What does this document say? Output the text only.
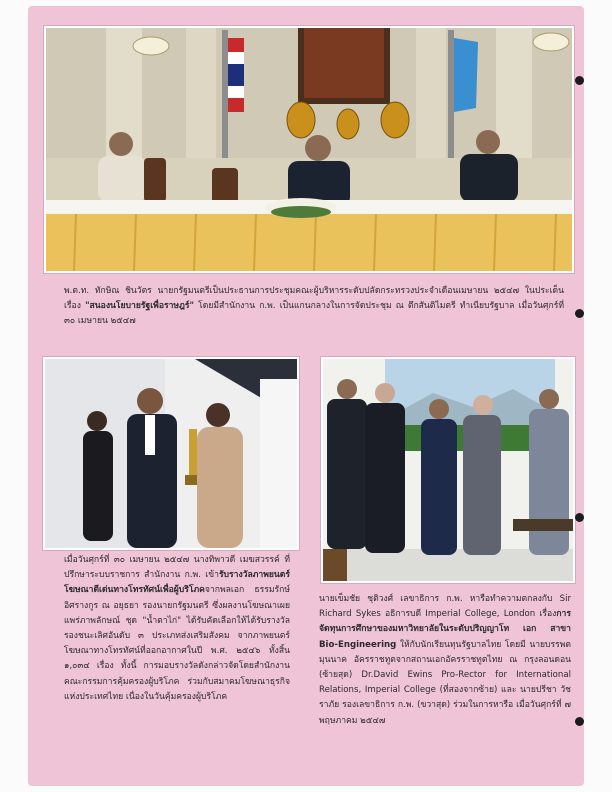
พ.ต.ท. ทักษิณ ชินวัตร นายกรัฐมนตรีเป็นประธานการประชุมคณะผู้บริหารระดับปลัดกระทรวงประจำเดือนเมษายน ๒๕๔๗ ในประเด็น เรื่อง "สนองนโยบายรัฐเพื่อราษฎร์" โดยมีสำนักงาน ก.พ. เป็นแกนกลางในการจัดประชุม ณ ตึกสันติไมตรี ทำเนียบรัฐบาล เมื่อวันศุกร์ที่ ๓๐ เมษายน ๒๕๔๗
เมื่อวันศุกร์ที่ ๓๐ เมษายน ๒๕๔๗ นางทิพาวดี เมฆสวรรค์ ที่ปรึกษาระบบราชการ สำนักงาน ก.พ. เข้ารับรางวัลภาพยนตร์โฆษณาดีเด่นทางโทรทัศน์เพื่อผู้บริโภคจากพลเอก ธรรมรักษ์ อิศรางกูร ณ อยุธยา รองนายกรัฐมนตรี ซึ่งผลงานโฆษณาเผยแพร่ภาพลักษณ์ ชุด "น้ำตาไก่" ได้รับคัดเลือกให้ได้รับรางวัลรองชนะเลิศอันดับ ๓ ประเภทส่งเสริมสังคม จากภาพยนตร์โฆษณาทางโทรทัศน์ที่ออกอากาศในปี พ.ศ. ๒๕๔๖ ทั้งสิ้น ๑,๐๓๔ เรื่อง ทั้งนี้ การมอบรางวัลดังกล่าวจัดโดยสำนักงานคณะกรรมการคุ้มครองผู้บริโภค ร่วมกับสมาคมโฆษณาธุรกิจแห่งประเทศไทย เนื่องในวันคุ้มครองผู้บริโภค
นายเข็มชัย ชุติวงศ์ เลขาธิการ ก.พ. หารือทำความตกลงกับ Sir Richard Sykes อธิการบดี Imperial College, London เรื่องการจัดทุนการศึกษาของมหาวิทยาลัยในระดับปริญญาโท เอก สาขา Bio-Engineering ให้กับนักเรียนทุนรัฐบาลไทย โดยมี นายบรรพต มุนนาค อัครราชทูตจากสถานเอกอัครราชทูตไทย ณ กรุงลอนดอน (ซ้ายสุด) Dr.David Ewins Pro-Rector for International Relations, Imperial College (ที่สองจากซ้าย) และ นายปรีชา วัชราภัย รองเลขาธิการ ก.พ. (ขวาสุด) ร่วมในการหารือ เมื่อวันศุกร์ที่ ๗ พฤษภาคม ๒๕๔๗
